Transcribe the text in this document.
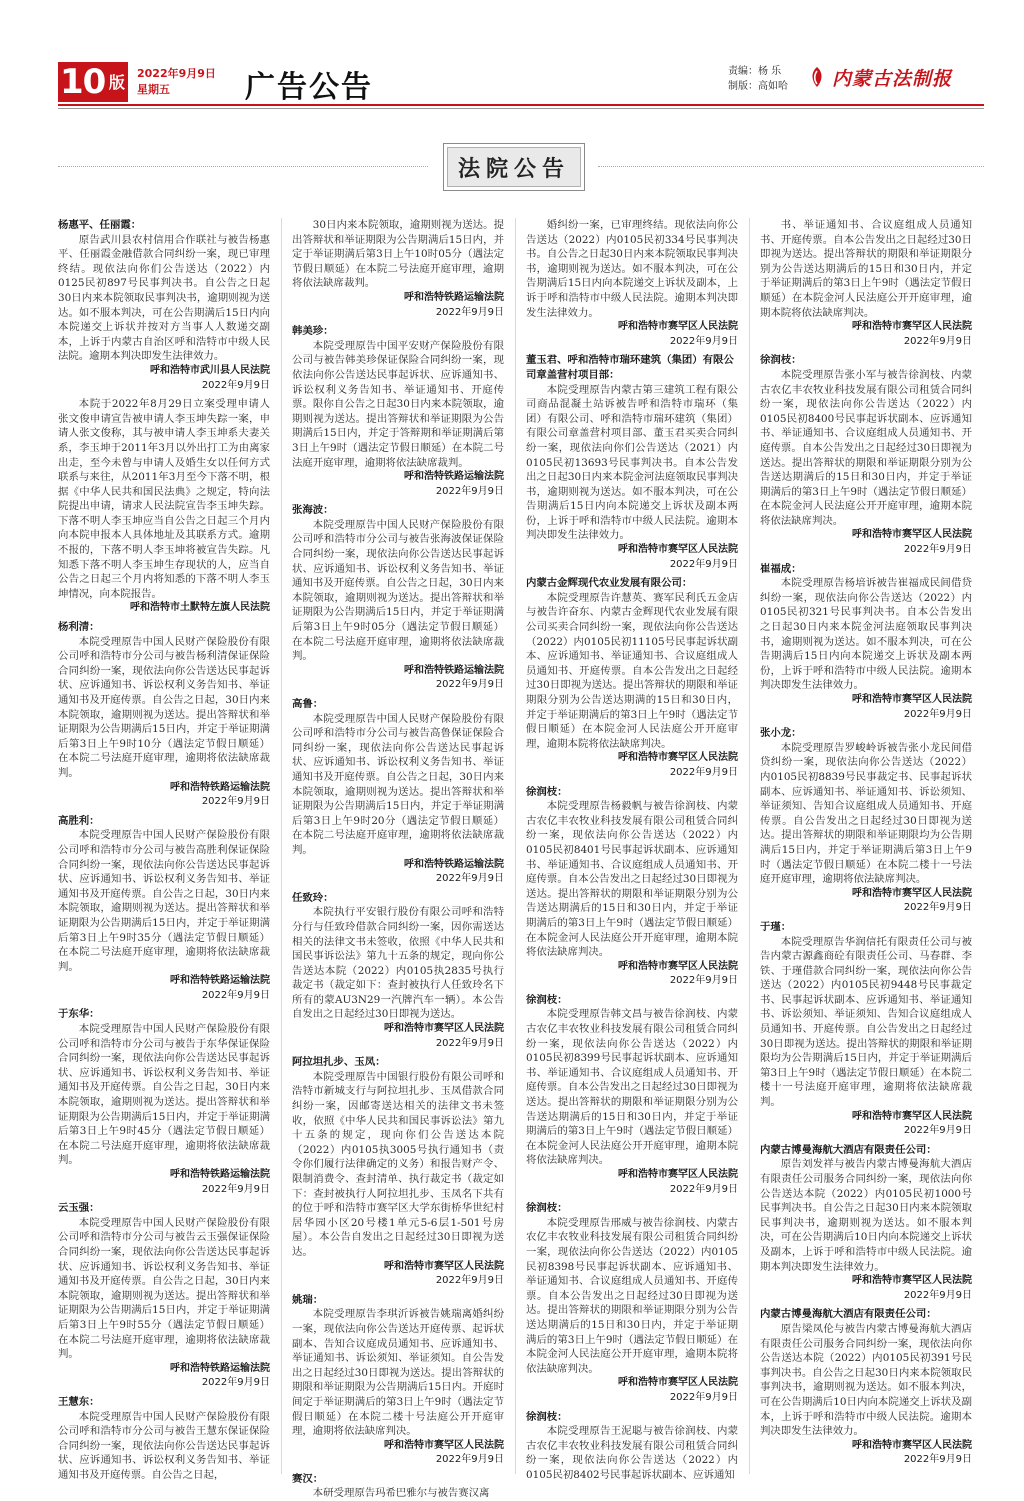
10 版
2022年9月9日
星期五	广告公告	责编：杨 乐
制版：高如哈 内蒙古法制报
法院公告
杨惠平、任丽霞：
原告武川县农村信用合作联社与被告杨惠平、任丽霞金融借款合同纠纷一案，现已审理终结。现依法向你们公告送达（2022）内0125民初897号民事判决书。自公告之日起30日内来本院领取民事判决书，逾期则视为送达。如不服本判决，可在公告期满后15日内向本院递交上诉状并按对方当事人人数递交副本，上诉于内蒙古自治区呼和浩特市中级人民法院。逾期本判决即发生法律效力。
呼和浩特市武川县人民法院
2022年9月9日
本院于2022年8月29日立案受理申请人张文俊申请宣告被申请人李玉坤失踪一案，申请人张文俊称，其与被申请人李玉坤系夫妻关系，李玉坤于2011年3月以外出打工为由离家出走，至今未曾与申请人及婚生女以任何方式联系与来往，从2011年3月至今下落不明，根据《中华人民共和国民法典》之规定，特向法院提出申请，请求人民法院宣告李玉坤失踪。下落不明人李玉坤应当自公告之日起三个月内向本院申报本人具体地址及其联系方式。逾期不报的，下落不明人李玉坤将被宣告失踪。凡知悉下落不明人李玉坤生存现状的人，应当自公告之日起三个月内将知悉的下落不明人李玉坤情况，向本院报告。
呼和浩特市土默特左旗人民法院
杨利清：
本院受理原告中国人民财产保险股份有限公司呼和浩特市分公司与被告杨利清保证保险合同纠纷一案，现依法向你公告送达民事起诉状、应诉通知书、诉讼权利义务告知书、举证通知书及开庭传票。自公告之日起，30日内来本院领取，逾期则视为送达。提出答辩状和举证期限为公告期满后15日内，并定于举证期满后第3日上午9时10分（遇法定节假日顺延）在本院二号法庭开庭审理，逾期将依法缺席裁判。
呼和浩特铁路运输法院
2022年9月9日
高胜利：
本院受理原告中国人民财产保险股份有限公司呼和浩特市分公司与被告高胜利保证保险合同纠纷一案，现依法向你公告送达民事起诉状、应诉通知书、诉讼权利义务告知书、举证通知书及开庭传票。自公告之日起，30日内来本院领取，逾期则视为送达。提出答辩状和举证期限为公告期满后15日内，并定于举证期满后第3日上午9时35分（遇法定节假日顺延）在本院二号法庭开庭审理，逾期将依法缺席裁判。
呼和浩特铁路运输法院
2022年9月9日
于东华：
本院受理原告中国人民财产保险股份有限公司呼和浩特市分公司与被告于东华保证保险合同纠纷一案，现依法向你公告送达民事起诉状、应诉通知书、诉讼权利义务告知书、举证通知书及开庭传票。自公告之日起，30日内来本院领取，逾期则视为送达。提出答辩状和举证期限为公告期满后15日内，并定于举证期满后第3日上午9时45分（遇法定节假日顺延）在本院二号法庭开庭审理，逾期将依法缺席裁判。
呼和浩特铁路运输法院
2022年9月9日
云玉强：
本院受理原告中国人民财产保险股份有限公司呼和浩特市分公司与被告云玉强保证保险合同纠纷一案，现依法向你公告送达民事起诉状、应诉通知书、诉讼权利义务告知书、举证通知书及开庭传票。自公告之日起，30日内来本院领取，逾期则视为送达。提出答辩状和举证期限为公告期满后15日内，并定于举证期满后第3日上午9时55分（遇法定节假日顺延）在本院二号法庭开庭审理，逾期将依法缺席裁判。
呼和浩特铁路运输法院
2022年9月9日
王慧东：
本院受理原告中国人民财产保险股份有限公司呼和浩特市分公司与被告王慧东保证保险合同纠纷一案，现依法向你公告送达民事起诉状、应诉通知书、诉讼权利义务告知书、举证通知书及开庭传票。自公告之日起，
30日内来本院领取，逾期则视为送达。提出答辩状和举证期限为公告期满后15日内，并定于举证期满后第3日上午10时05分（遇法定节假日顺延）在本院二号法庭开庭审理，逾期将依法缺席裁判。
呼和浩特铁路运输法院
2022年9月9日
韩美珍：
本院受理原告中国平安财产保险股份有限公司与被告韩美珍保证保险合同纠纷一案，现依法向你公告送达民事起诉状、应诉通知书、诉讼权利义务告知书、举证通知书、开庭传票。限你自公告之日起30日内来本院领取，逾期则视为送达。提出答辩状和举证期限为公告期满后15日内，并定于答辩期和举证期满后第3日上午9时（遇法定节假日顺延）在本院二号法庭开庭审理，逾期将依法缺席裁判。
呼和浩特铁路运输法院
2022年9月9日
张海波：
本院受理原告中国人民财产保险股份有限公司呼和浩特市分公司与被告张海波保证保险合同纠纷一案，现依法向你公告送达民事起诉状、应诉通知书、诉讼权利义务告知书、举证通知书及开庭传票。自公告之日起，30日内来本院领取，逾期则视为送达。提出答辩状和举证期限为公告期满后15日内，并定于举证期满后第3日上午9时05分（遇法定节假日顺延）在本院二号法庭开庭审理，逾期将依法缺席裁判。
呼和浩特铁路运输法院
2022年9月9日
高鲁：
本院受理原告中国人民财产保险股份有限公司呼和浩特市分公司与被告高鲁保证保险合同纠纷一案，现依法向你公告送达民事起诉状、应诉通知书、诉讼权利义务告知书、举证通知书及开庭传票。自公告之日起，30日内来本院领取，逾期则视为送达。提出答辩状和举证期限为公告期满后15日内，并定于举证期满后第3日上午9时20分（遇法定节假日顺延）在本院二号法庭开庭审理，逾期将依法缺席裁判。
呼和浩特铁路运输法院
2022年9月9日
任致玲：
本院执行平安银行股份有限公司呼和浩特分行与任致玲借款合同纠纷一案，因你需送达相关的法律文书未签收，依照《中华人民共和国民事诉讼法》第九十五条的规定，现向你公告送达本院（2022）内0105执2835号执行裁定书（裁定如下：查封被执行人任致玲名下所有的蒙AU3N29一汽牌汽车一辆）。本公告自发出之日起经过30日即视为送达。
呼和浩特市赛罕区人民法院
2022年9月9日
阿拉坦扎步、玉凤：
本院受理原告中国银行股份有限公司呼和浩特市新城支行与阿拉坦扎步、玉凤借款合同纠纷一案，因邮寄送达相关的法律文书未签收，依照《中华人民共和国民事诉讼法》第九十五条的规定，现向你们公告送达本院（2022）内0105执3005号执行通知书（责令你们履行法律确定的义务）和报告财产令、限制消费令、查封清单、执行裁定书（裁定如下：查封被执行人阿拉坦扎步、玉凤名下共有的位于呼和浩特市赛罕区大学东街桥华世纪村居华园小区20号楼1单元5-6层1-501号房屋）。本公告自发出之日起经过30日即视为送达。
呼和浩特市赛罕区人民法院
2022年9月9日
姚瑞：
本院受理原告李琪沂诉被告姚瑞离婚纠纷一案，现依法向你公告送达开庭传票、起诉状副本、告知合议庭成员通知书、应诉通知书、举证通知书、诉讼须知、举证须知。自公告发出之日起经过30日即视为送达。提出答辩状的期限和举证期限为公告期满后15日内。开庭时间定于举证期满后的第3日上午9时（遇法定节假日顺延）在本院二楼十号法庭公开开庭审理，逾期将依法缺席判决。
呼和浩特市赛罕区人民法院
2022年9月9日
赛汉：
本研受理原告玛希巴雅尔与被告赛汉离
婚纠纷一案，已审理终结。现依法向你公告送达（2022）内0105民初334号民事判决书。自公告之日起30日内来本院领取民事判决书，逾期则视为送达。如不服本判决，可在公告期满后15日内向本院递交上诉状及副本，上诉于呼和浩特市中级人民法院。逾期本判决即发生法律效力。
呼和浩特市赛罕区人民法院
2022年9月9日
董玉君、呼和浩特市瑞环建筑（集团）有限公司章盖营村项目部：
本院受理原告内蒙古第三建筑工程有限公司商品混凝土站诉被告呼和浩特市瑞环（集团）有限公司、呼和浩特市瑞环建筑（集团）有限公司章盖营村项目部、董玉君买卖合同纠纷一案，现依法向你们公告送达（2021）内0105民初13693号民事判决书。自本公告发出之日起30日内来本院金河法庭领取民事判决书，逾期则视为送达。如不服本判决，可在公告期满后15日内向本院递交上诉状及副本两份，上诉于呼和浩特市中级人民法院。逾期本判决即发生法律效力。
呼和浩特市赛罕区人民法院
2022年9月9日
内蒙古金辉现代农业发展有限公司：
本院受理原告许慧英、赛军民利氏五金店与被告许奋东、内蒙古金辉现代农业发展有限公司买卖合同纠纷一案，现依法向你公告送达（2022）内0105民初11105号民事起诉状副本、应诉通知书、举证通知书、合议庭组成人员通知书、开庭传票。自本公告发出之日起经过30日即视为送达。提出答辩状的期限和举证期限分别为公告送达期满的15日和30日内，并定于举证期满后的第3日上午9时（遇法定节假日顺延）在本院金河人民法庭公开开庭审理，逾期本院将依法缺席判决。
呼和浩特市赛罕区人民法院
2022年9月9日
徐润枝：
本院受理原告杨毅帆与被告徐润枝、内蒙古农亿丰农牧业科技发展有限公司租赁合同纠纷一案，现依法向你公告送达（2022）内0105民初8401号民事起诉状副本、应诉通知书、举证通知书、合议庭组成人员通知书、开庭传票。自本公告发出之日起经过30日即视为送达。提出答辩状的期限和举证期限分别为公告送达期满后的15日和30日内，并定于举证期满后的第3日上午9时（遇法定节假日顺延）在本院金河人民法庭公开开庭审理，逾期本院将依法缺席判决。
呼和浩特市赛罕区人民法院
2022年9月9日
徐润枝：
本院受理原告韩文昌与被告徐润枝、内蒙古农亿丰农牧业科技发展有限公司租赁合同纠纷一案，现依法向你公告送达（2022）内0105民初8399号民事起诉状副本、应诉通知书、举证通知书、合议庭组成人员通知书、开庭传票。自本公告发出之日起经过30日即视为送达。提出答辩状的期限和举证期限分别为公告送达期满后的15日和30日内，并定于举证期满后的第3日上午9时（遇法定节假日顺延）在本院金河人民法庭公开开庭审理，逾期本院将依法缺席判决。
呼和浩特市赛罕区人民法院
2022年9月9日
徐润枝：
本院受理原告邢威与被告徐润枝、内蒙古农亿丰农牧业科技发展有限公司租赁合同纠纷一案，现依法向你公告送达（2022）内0105民初8398号民事起诉状副本、应诉通知书、举证通知书、合议庭组成人员通知书、开庭传票。自本公告发出之日起经过30日即视为送达。提出答辩状的期限和举证期限分别为公告送达期满后的15日和30日内，并定于举证期满后的第3日上午9时（遇法定节假日顺延）在本院金河人民法庭公开开庭审理，逾期本院将依法缺席判决。
呼和浩特市赛罕区人民法院
2022年9月9日
徐润枝：
本院受理原告王泥聪与被告徐润枝、内蒙古农亿丰农牧业科技发展有限公司租赁合同纠纷一案，现依法向你公告送达（2022）内0105民初8402号民事起诉状副本、应诉通知
书、举证通知书、合议庭组成人员通知书、开庭传票。自本公告发出之日起经过30日即视为送达。提出答辩状的期限和举证期限分别为公告送达期满后的15日和30日内，并定于举证期满后的第3日上午9时（遇法定节假日顺延）在本院金河人民法庭公开开庭审理，逾期本院将依法缺席判决。
呼和浩特市赛罕区人民法院
2022年9月9日
徐润枝：
本院受理原告张小军与被告徐润枝、内蒙古农亿丰农牧业科技发展有限公司租赁合同纠纷一案，现依法向你公告送达（2022）内0105民初8400号民事起诉状副本、应诉通知书、举证通知书、合议庭组成人员通知书、开庭传票。自本公告发出之日起经过30日即视为送达。提出答辩状的期限和举证期限分别为公告送达期满后的15日和30日内，并定于举证期满后的第3日上午9时（遇法定节假日顺延）在本院金河人民法庭公开开庭审理，逾期本院将依法缺席判决。
呼和浩特市赛罕区人民法院
2022年9月9日
崔福成：
本院受理原告杨培诉被告崔福成民间借贷纠纷一案，现依法向你公告送达（2022）内0105民初321号民事判决书。自本公告发出之日起30日内来本院金河法庭领取民事判决书，逾期则视为送达。如不服本判决，可在公告期满后15日内向本院递交上诉状及副本两份，上诉于呼和浩特市中级人民法院。逾期本判决即发生法律效力。
呼和浩特市赛罕区人民法院
2022年9月9日
张小龙：
本院受理原告罗峻岭诉被告张小龙民间借贷纠纷一案，现依法向你公告送达（2022）内0105民初8839号民事裁定书、民事起诉状副本、应诉通知书、举证通知书、诉讼须知、举证须知、告知合议庭组成人员通知书、开庭传票。自公告发出之日起经过30日即视为送达。提出答辩状的期限和举证期限均为公告期满后15日内，并定于举证期满后第3日上午9时（遇法定节假日顺延）在本院二楼十一号法庭开庭审理，逾期将依法缺席判决。
呼和浩特市赛罕区人民法院
2022年9月9日
于瑾：
本院受理原告华润信托有限责任公司与被告内蒙古源鑫商砼有限责任公司、马春群、李铁、于瑾借款合同纠纷一案，现依法向你公告送达（2022）内0105民初9448号民事裁定书、民事起诉状副本、应诉通知书、举证通知书、诉讼须知、举证须知、告知合议庭组成人员通知书、开庭传票。自公告发出之日起经过30日即视为送达。提出答辩状的期限和举证期限均为公告期满后15日内，并定于举证期满后第3日上午9时（遇法定节假日顺延）在本院二楼十一号法庭开庭审理，逾期将依法缺席裁判。
呼和浩特市赛罕区人民法院
2022年9月9日
内蒙古博曼海航大酒店有限责任公司：
原告刘发祥与被告内蒙古博曼海航大酒店有限责任公司服务合同纠纷一案，现依法向你公告送达本院（2022）内0105民初1000号民事判决书。自公告之日起30日内来本院领取民事判决书，逾期则视为送达。如不服本判决，可在公告期满后10日内向本院递交上诉状及副本，上诉于呼和浩特市中级人民法院。逾期本判决即发生法律效力。
呼和浩特市赛罕区人民法院
2022年9月9日
内蒙古博曼海航大酒店有限责任公司：
原告梁凤伦与被告内蒙古博曼海航大酒店有限责任公司服务合同纠纷一案，现依法向你公告送达本院（2022）内0105民初391号民事判决书。自公告之日起30日内来本院领取民事判决书，逾期则视为送达。如不服本判决，可在公告期满后10日内向本院递交上诉状及副本，上诉于呼和浩特市中级人民法院。逾期本判决即发生法律效力。
呼和浩特市赛罕区人民法院
2022年9月9日
